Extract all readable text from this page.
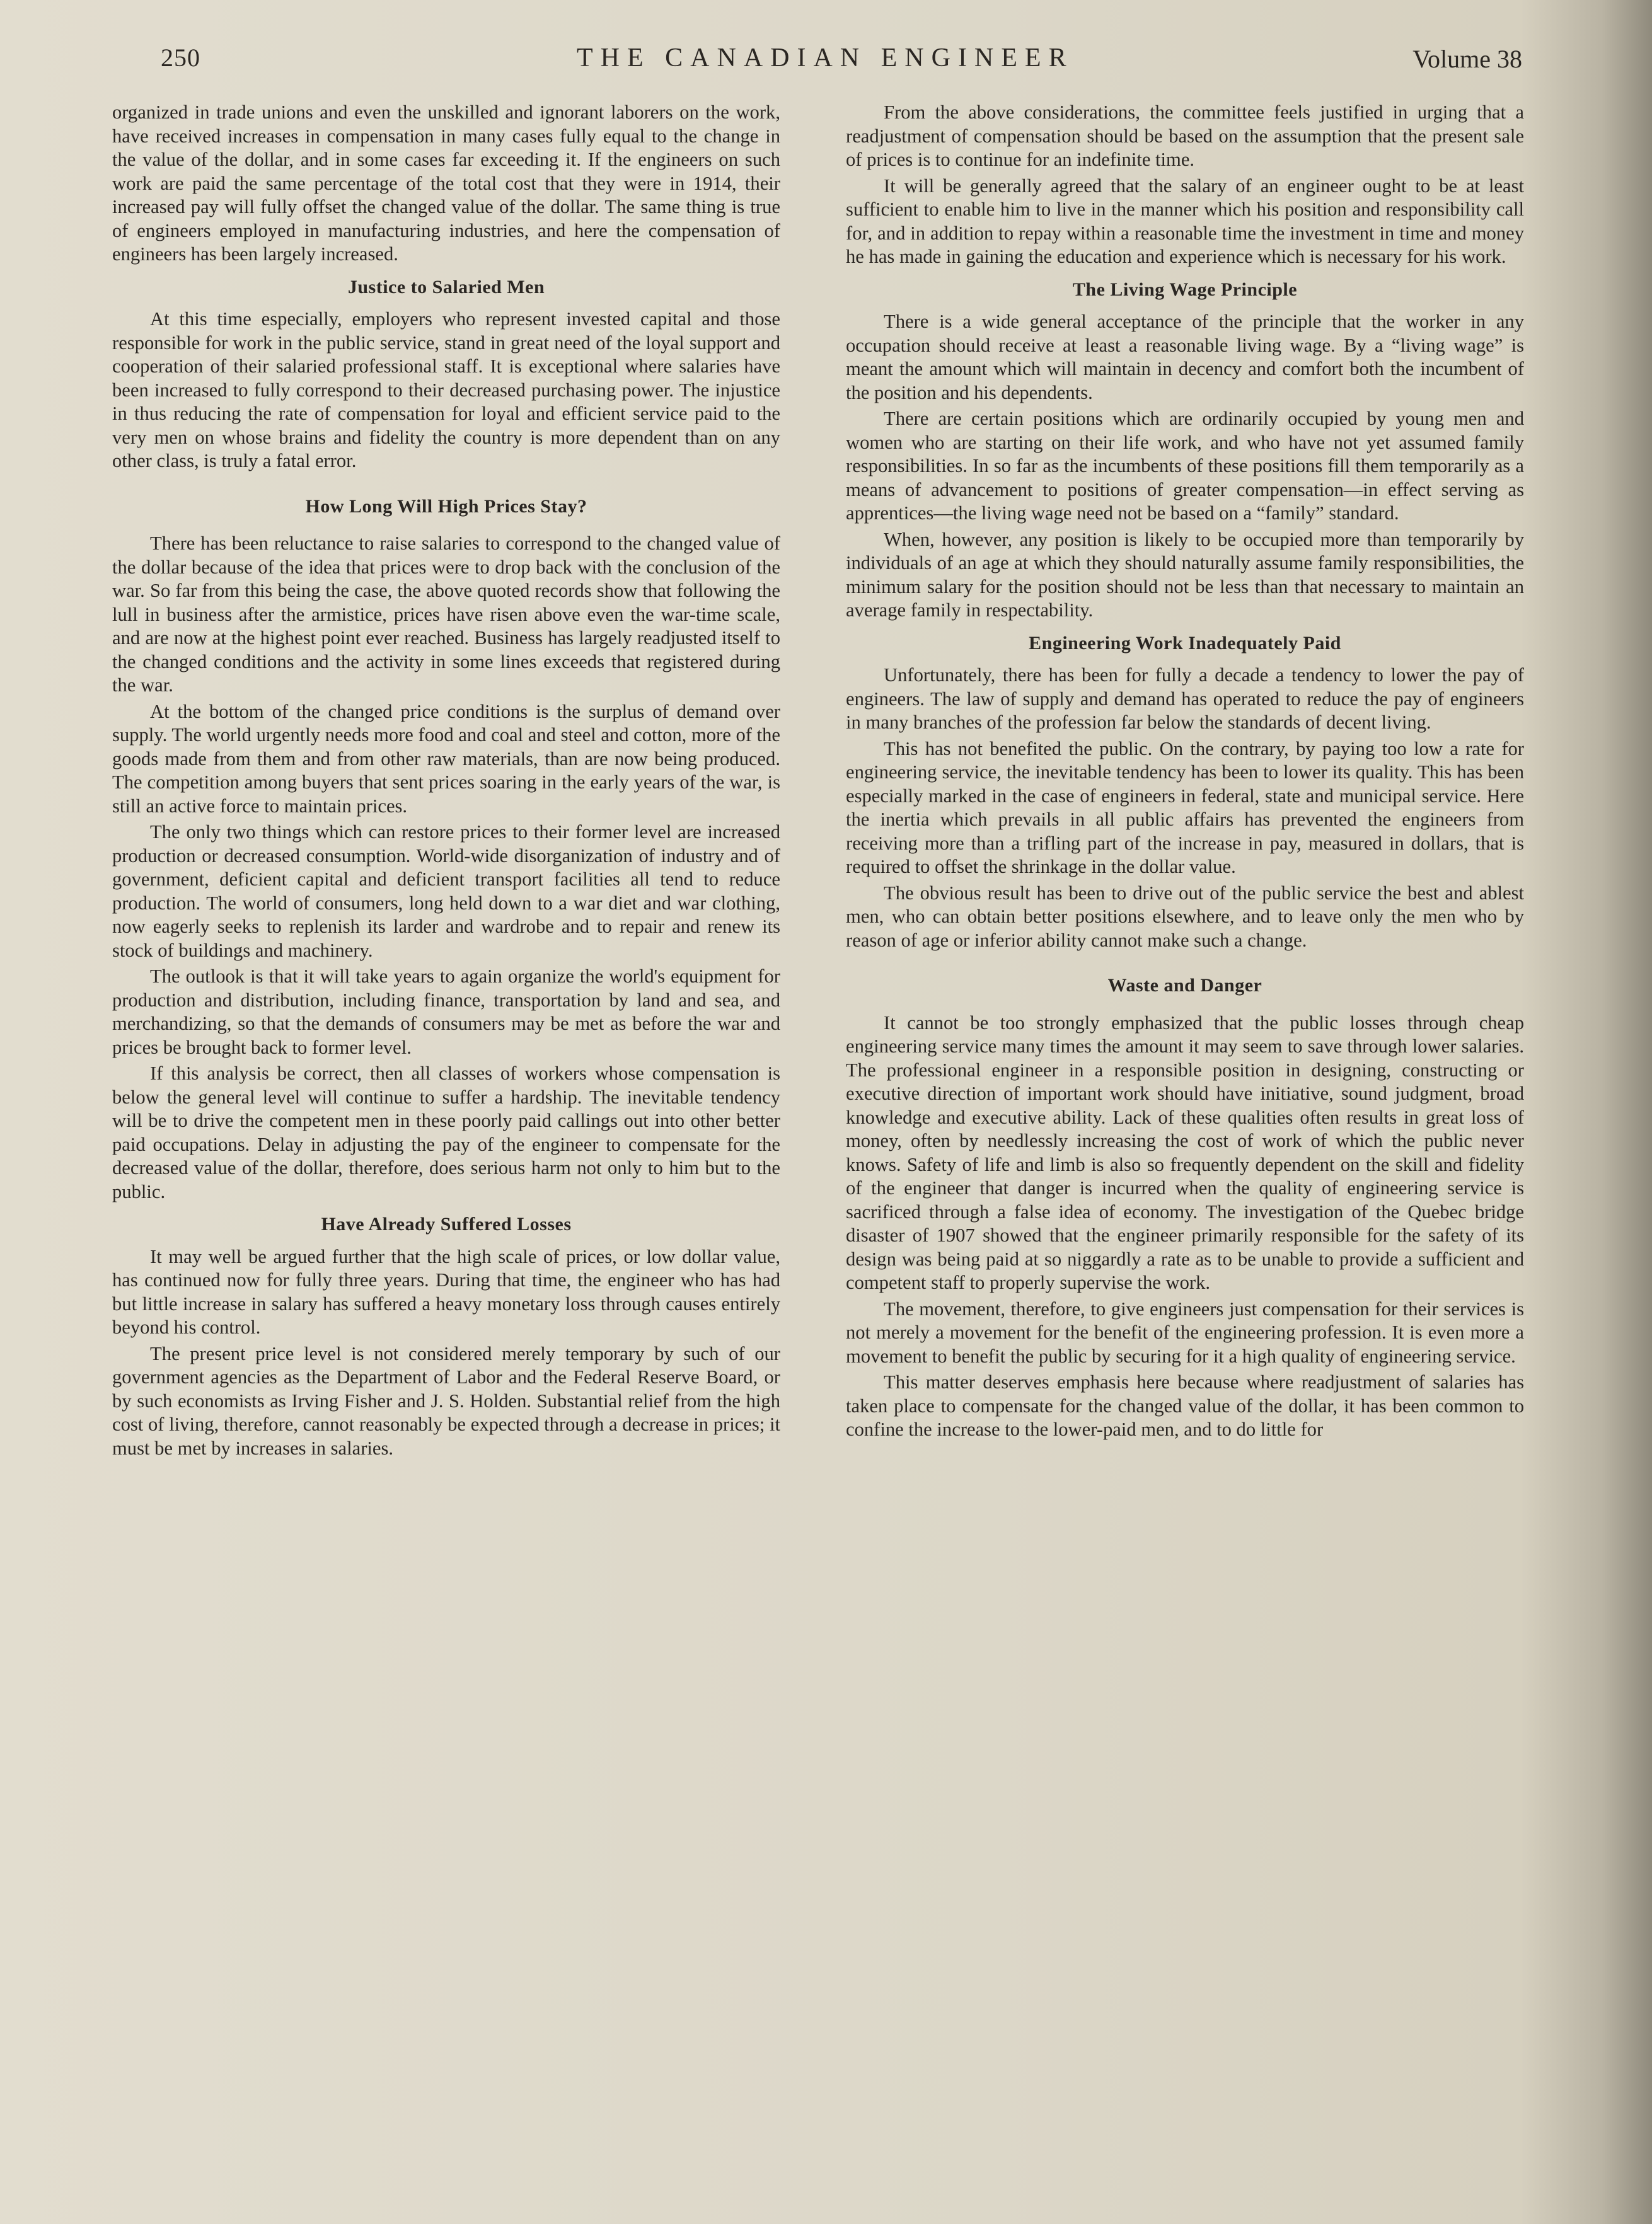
250	THE CANADIAN ENGINEER	Volume 38

organized in trade unions and even the unskilled and ignorant laborers on the work, have received increases in compensation in many cases fully equal to the change in the value of the dollar, and in some cases far exceeding it. If the engineers on such work are paid the same percentage of the total cost that they were in 1914, their increased pay will fully offset the changed value of the dollar. The same thing is true of engineers employed in manufacturing industries, and here the compensation of engineers has been largely increased.

Justice to Salaried Men

At this time especially, employers who represent invested capital and those responsible for work in the public service, stand in great need of the loyal support and cooperation of their salaried professional staff. It is exceptional where salaries have been increased to fully correspond to their decreased purchasing power. The injustice in thus reducing the rate of compensation for loyal and efficient service paid to the very men on whose brains and fidelity the country is more dependent than on any other class, is truly a fatal error.

How Long Will High Prices Stay?

There has been reluctance to raise salaries to correspond to the changed value of the dollar because of the idea that prices were to drop back with the conclusion of the war. So far from this being the case, the above quoted records show that following the lull in business after the armistice, prices have risen above even the war-time scale, and are now at the highest point ever reached. Business has largely readjusted itself to the changed conditions and the activity in some lines exceeds that registered during the war.

At the bottom of the changed price conditions is the surplus of demand over supply. The world urgently needs more food and coal and steel and cotton, more of the goods made from them and from other raw materials, than are now being produced. The competition among buyers that sent prices soaring in the early years of the war, is still an active force to maintain prices.

The only two things which can restore prices to their former level are increased production or decreased consumption. World-wide disorganization of industry and of government, deficient capital and deficient transport facilities all tend to reduce production. The world of consumers, long held down to a war diet and war clothing, now eagerly seeks to replenish its larder and wardrobe and to repair and renew its stock of buildings and machinery.

The outlook is that it will take years to again organize the world's equipment for production and distribution, including finance, transportation by land and sea, and merchandizing, so that the demands of consumers may be met as before the war and prices be brought back to former level.

If this analysis be correct, then all classes of workers whose compensation is below the general level will continue to suffer a hardship. The inevitable tendency will be to drive the competent men in these poorly paid callings out into other better paid occupations. Delay in adjusting the pay of the engineer to compensate for the decreased value of the dollar, therefore, does serious harm not only to him but to the public.

Have Already Suffered Losses

It may well be argued further that the high scale of prices, or low dollar value, has continued now for fully three years. During that time, the engineer who has had but little increase in salary has suffered a heavy monetary loss through causes entirely beyond his control.

The present price level is not considered merely temporary by such of our government agencies as the Department of Labor and the Federal Reserve Board, or by such economists as Irving Fisher and J. S. Holden. Substantial relief from the high cost of living, therefore, cannot reasonably be expected through a decrease in prices; it must be met by increases in salaries.

From the above considerations, the committee feels justified in urging that a readjustment of compensation should be based on the assumption that the present sale of prices is to continue for an indefinite time.

It will be generally agreed that the salary of an engineer ought to be at least sufficient to enable him to live in the manner which his position and responsibility call for, and in addition to repay within a reasonable time the investment in time and money he has made in gaining the education and experience which is necessary for his work.

The Living Wage Principle

There is a wide general acceptance of the principle that the worker in any occupation should receive at least a reasonable living wage. By a “living wage” is meant the amount which will maintain in decency and comfort both the incumbent of the position and his dependents.

There are certain positions which are ordinarily occupied by young men and women who are starting on their life work, and who have not yet assumed family responsibilities. In so far as the incumbents of these positions fill them temporarily as a means of advancement to positions of greater compensation—in effect serving as apprentices—the living wage need not be based on a “family” standard.

When, however, any position is likely to be occupied more than temporarily by individuals of an age at which they should naturally assume family responsibilities, the minimum salary for the position should not be less than that necessary to maintain an average family in respectability.

Engineering Work Inadequately Paid

Unfortunately, there has been for fully a decade a tendency to lower the pay of engineers. The law of supply and demand has operated to reduce the pay of engineers in many branches of the profession far below the standards of decent living.

This has not benefited the public. On the contrary, by paying too low a rate for engineering service, the inevitable tendency has been to lower its quality. This has been especially marked in the case of engineers in federal, state and municipal service. Here the inertia which prevails in all public affairs has prevented the engineers from receiving more than a trifling part of the increase in pay, measured in dollars, that is required to offset the shrinkage in the dollar value.

The obvious result has been to drive out of the public service the best and ablest men, who can obtain better positions elsewhere, and to leave only the men who by reason of age or inferior ability cannot make such a change.

Waste and Danger

It cannot be too strongly emphasized that the public losses through cheap engineering service many times the amount it may seem to save through lower salaries. The professional engineer in a responsible position in designing, constructing or executive direction of important work should have initiative, sound judgment, broad knowledge and executive ability. Lack of these qualities often results in great loss of money, often by needlessly increasing the cost of work of which the public never knows. Safety of life and limb is also so frequently dependent on the skill and fidelity of the engineer that danger is incurred when the quality of engineering service is sacrificed through a false idea of economy. The investigation of the Quebec bridge disaster of 1907 showed that the engineer primarily responsible for the safety of its design was being paid at so niggardly a rate as to be unable to provide a sufficient and competent staff to properly supervise the work.

The movement, therefore, to give engineers just compensation for their services is not merely a movement for the benefit of the engineering profession. It is even more a movement to benefit the public by securing for it a high quality of engineering service.

This matter deserves emphasis here because where readjustment of salaries has taken place to compensate for the changed value of the dollar, it has been common to confine the increase to the lower-paid men, and to do little for
